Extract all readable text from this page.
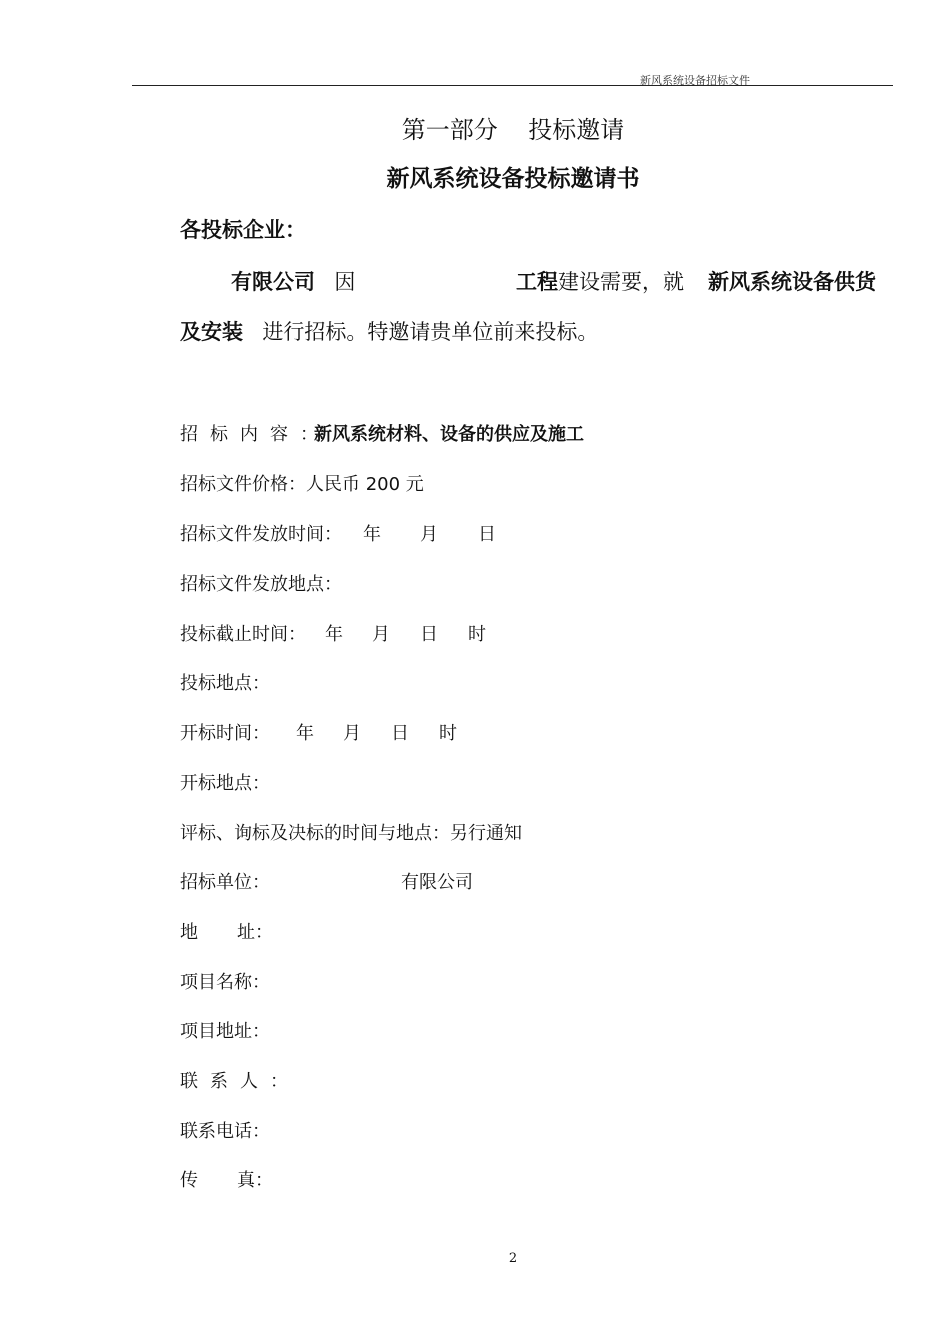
新风系统设备招标文件
第一部分    投标邀请
新风系统设备投标邀请书
各投标企业：
有限公司 因	工程建设需要，就 新风系统设备供货
及安装 进行招标。特邀请贵单位前来投标。
招标内容：
新风系统材料、设备的供应及施工
招标文件价格：人民币 200 元
招标文件发放时间： 年 月 日
招标文件发放地点：
投标截止时间： 年 月 日 时
投标地点：
开标时间： 年 月 日 时
开标地点：
评标、询标及决标的时间与地点：另行通知
招标单位：	有限公司
地 址：
项目名称：
项目地址：
联系人：
联系电话：
传 真：
2
